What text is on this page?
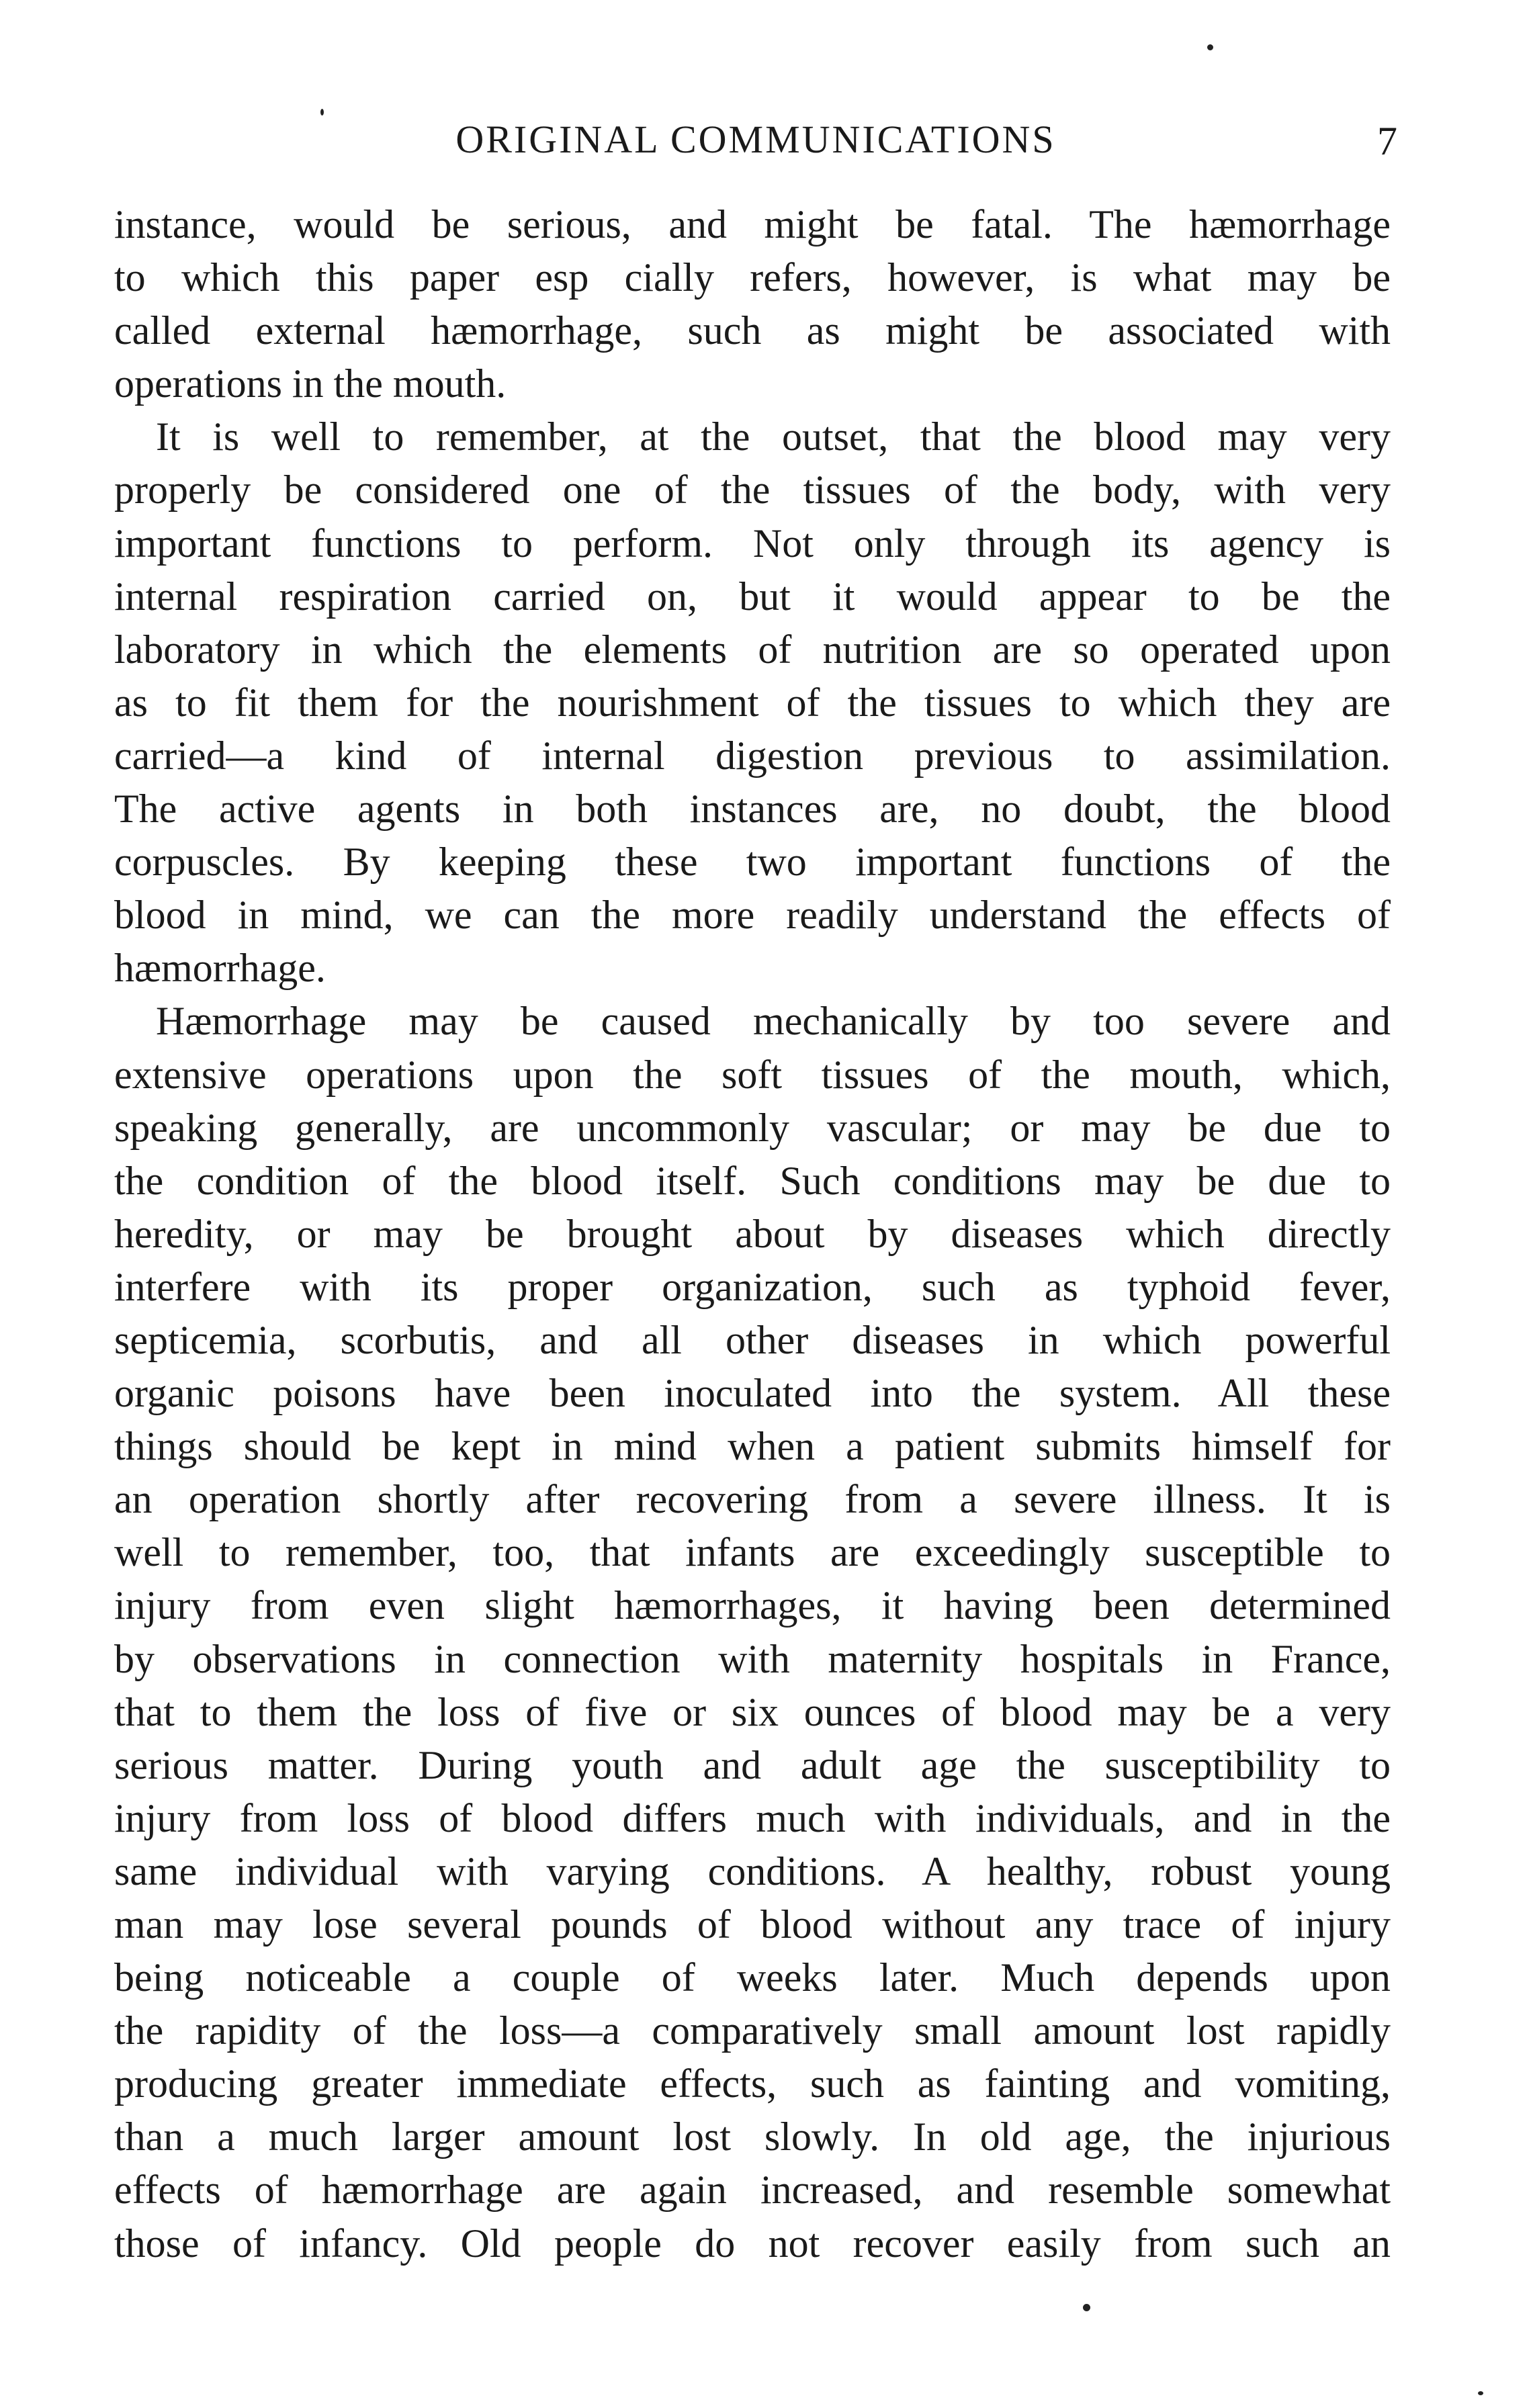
ORIGINAL COMMUNICATIONS	7
instance, would be serious, and might be fatal. The hæmorrhage
to which this paper esp cially refers, however, is what may be
called external hæmorrhage, such as might be associated with
operations in the mouth.
It is well to remember, at the outset, that the blood may very
properly be considered one of the tissues of the body, with very
important functions to perform. Not only through its agency is
internal respiration carried on, but it would appear to be the
laboratory in which the elements of nutrition are so operated upon
as to fit them for the nourishment of the tissues to which they are
carried—a kind of internal digestion previous to assimilation.
The active agents in both instances are, no doubt, the blood
corpuscles. By keeping these two important functions of the
blood in mind, we can the more readily understand the effects of
hæmorrhage.
Hæmorrhage may be caused mechanically by too severe and
extensive operations upon the soft tissues of the mouth, which,
speaking generally, are uncommonly vascular; or may be due to
the condition of the blood itself. Such conditions may be due to
heredity, or may be brought about by diseases which directly
interfere with its proper organization, such as typhoid fever,
septicemia, scorbutis, and all other diseases in which powerful
organic poisons have been inoculated into the system. All these
things should be kept in mind when a patient submits himself for
an operation shortly after recovering from a severe illness. It is
well to remember, too, that infants are exceedingly susceptible to
injury from even slight hæmorrhages, it having been determined
by observations in connection with maternity hospitals in France,
that to them the loss of five or six ounces of blood may be a very
serious matter. During youth and adult age the susceptibility to
injury from loss of blood differs much with individuals, and in the
same individual with varying conditions. A healthy, robust young
man may lose several pounds of blood without any trace of injury
being noticeable a couple of weeks later. Much depends upon
the rapidity of the loss—a comparatively small amount lost rapidly
producing greater immediate effects, such as fainting and vomiting,
than a much larger amount lost slowly. In old age, the injurious
effects of hæmorrhage are again increased, and resemble somewhat
those of infancy. Old people do not recover easily from such an
